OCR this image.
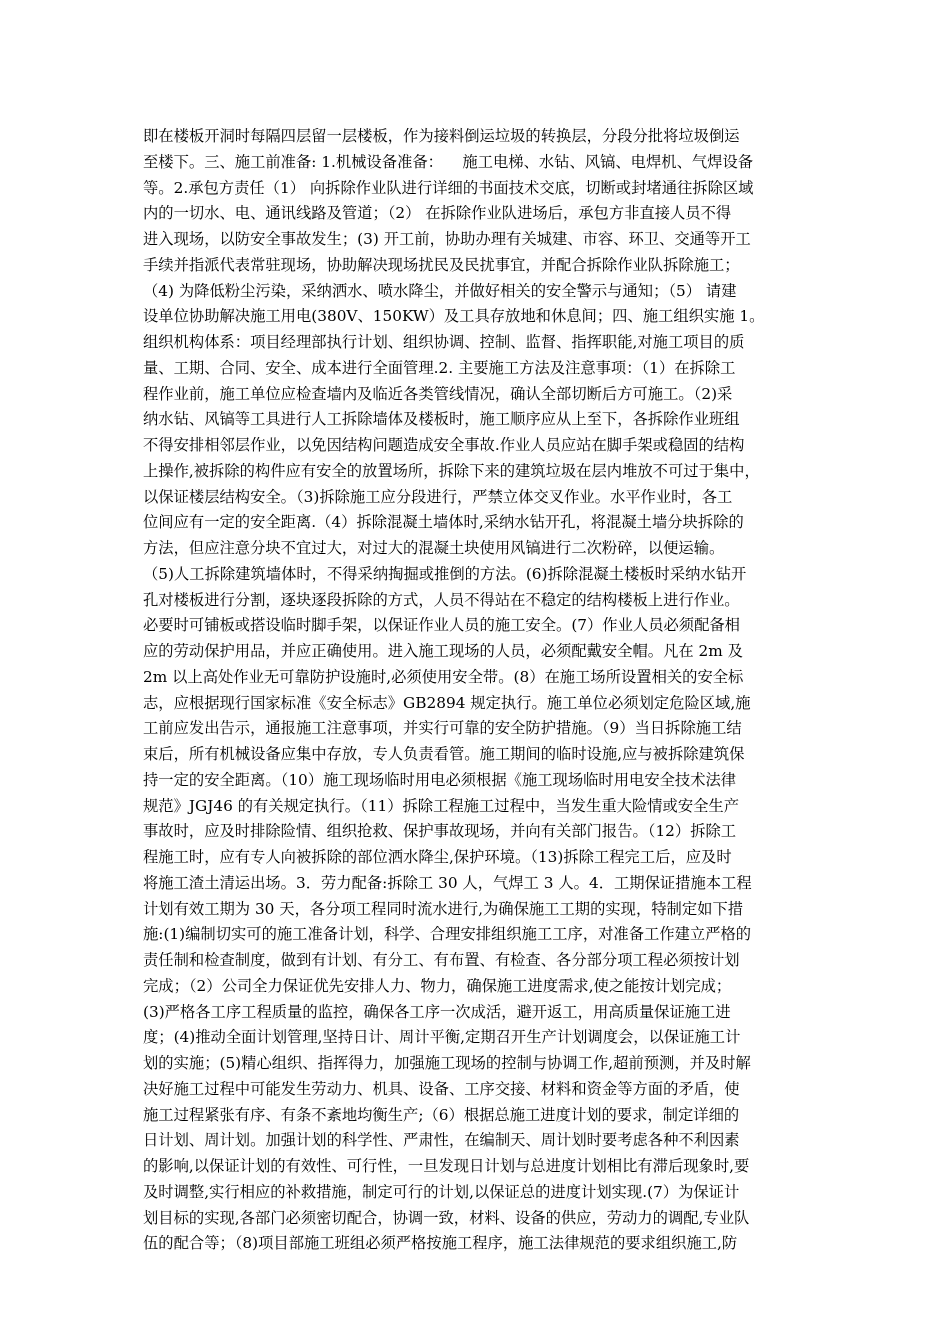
即在楼板开洞时每隔四层留一层楼板，作为接料倒运垃圾的转换层，分段分批将垃圾倒运
至楼下。三、施工前准备: 1.机械设备准备：    施工电梯、水钻、风镐、电焊机、气焊设备
等。2.承包方责任（1） 向拆除作业队进行详细的书面技术交底，切断或封堵通往拆除区域
内的一切水、电、通讯线路及管道；（2） 在拆除作业队进场后，承包方非直接人员不得
进入现场，以防安全事故发生；(3) 开工前，协助办理有关城建、市容、环卫、交通等开工
手续并指派代表常驻现场，协助解决现场扰民及民扰事宜，并配合拆除作业队拆除施工；
（4) 为降低粉尘污染，采纳洒水、喷水降尘，并做好相关的安全警示与通知；（5） 请建
设单位协助解决施工用电(380V、150KW）及工具存放地和休息间；四、施工组织实施 1。
组织机构体系：项目经理部执行计划、组织协调、控制、监督、指挥职能,对施工项目的质
量、工期、合同、安全、成本进行全面管理.2. 主要施工方法及注意事项：（1）在拆除工
程作业前，施工单位应检查墙内及临近各类管线情况，确认全部切断后方可施工。（2)采
纳水钻、风镐等工具进行人工拆除墙体及楼板时，施工顺序应从上至下，各拆除作业班组
不得安排相邻层作业，以免因结构问题造成安全事故.作业人员应站在脚手架或稳固的结构
上操作,被拆除的构件应有安全的放置场所，拆除下来的建筑垃圾在层内堆放不可过于集中，
以保证楼层结构安全。（3)拆除施工应分段进行，严禁立体交叉作业。水平作业时，各工
位间应有一定的安全距离.（4）拆除混凝土墙体时,采纳水钻开孔，将混凝土墙分块拆除的
方法，但应注意分块不宜过大，对过大的混凝土块使用风镐进行二次粉碎，以便运输。
（5)人工拆除建筑墙体时，不得采纳掏掘或推倒的方法。(6)拆除混凝土楼板时采纳水钻开
孔对楼板进行分割，逐块逐段拆除的方式，人员不得站在不稳定的结构楼板上进行作业。
必要时可铺板或搭设临时脚手架，以保证作业人员的施工安全。(7）作业人员必须配备相
应的劳动保护用品，并应正确使用。进入施工现场的人员，必须配戴安全帽。凡在 2m 及
2m 以上高处作业无可靠防护设施时,必须使用安全带。(8）在施工场所设置相关的安全标
志，应根据现行国家标准《安全标志》GB2894 规定执行。施工单位必须划定危险区域,施
工前应发出告示，通报施工注意事项，并实行可靠的安全防护措施。（9）当日拆除施工结
束后，所有机械设备应集中存放，专人负责看管。施工期间的临时设施,应与被拆除建筑保
持一定的安全距离。（10）施工现场临时用电必须根据《施工现场临时用电安全技术法律
规范》JGJ46 的有关规定执行。（11）拆除工程施工过程中，当发生重大险情或安全生产
事故时，应及时排除险情、组织抢救、保护事故现场，并向有关部门报告。（12）拆除工
程施工时，应有专人向被拆除的部位洒水降尘,保护环境。（13)拆除工程完工后，应及时
将施工渣土清运出场。3．劳力配备:拆除工 30 人，气焊工 3 人。4．工期保证措施本工程
计划有效工期为 30 天，各分项工程同时流水进行,为确保施工工期的实现，特制定如下措
施:(1)编制切实可的施工准备计划，科学、合理安排组织施工工序，对准备工作建立严格的
责任制和检查制度，做到有计划、有分工、有布置、有检查、各分部分项工程必须按计划
完成；（2）公司全力保证优先安排人力、物力，确保施工进度需求,使之能按计划完成；
(3)严格各工序工程质量的监控，确保各工序一次成活，避开返工，用高质量保证施工进
度；(4)推动全面计划管理,坚持日计、周计平衡,定期召开生产计划调度会，以保证施工计
划的实施；(5)精心组织、指挥得力，加强施工现场的控制与协调工作,超前预测，并及时解
决好施工过程中可能发生劳动力、机具、设备、工序交接、材料和资金等方面的矛盾，使
施工过程紧张有序、有条不紊地均衡生产;（6）根据总施工进度计划的要求，制定详细的
日计划、周计划。加强计划的科学性、严肃性，在编制天、周计划时要考虑各种不利因素
的影响,以保证计划的有效性、可行性，一旦发现日计划与总进度计划相比有滞后现象时,要
及时调整,实行相应的补救措施，制定可行的计划,以保证总的进度计划实现.(7）为保证计
划目标的实现,各部门必须密切配合，协调一致，材料、设备的供应，劳动力的调配,专业队
伍的配合等；（8)项目部施工班组必须严格按施工程序，施工法律规范的要求组织施工,防
